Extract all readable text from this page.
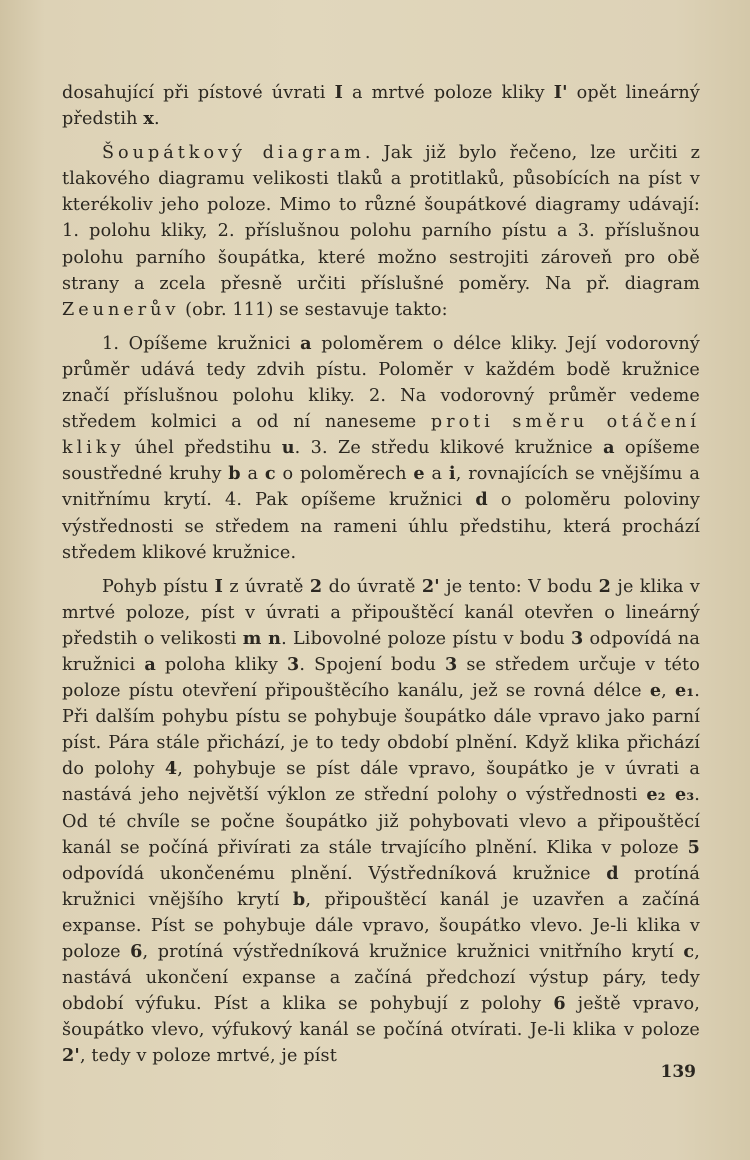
dosahující při pístové úvrati I a mrtvé poloze kliky I' opět lineárný předstih x.

Šoupátkový diagram. Jak již bylo řečeno, lze určiti z tlakového diagramu velikosti tlaků a protitlaků, působících na píst v kterékoliv jeho poloze. Mimo to různé šoupátkové diagramy udávají: 1. polohu kliky, 2. příslušnou polohu parního pístu a 3. příslušnou polohu parního šoupátka, které možno sestrojiti zároveň pro obě strany a zcela přesně určiti příslušné poměry. Na př. diagram Zeunerův (obr. 111) se sestavuje takto:

1. Opíšeme kružnici a poloměrem o délce kliky. Její vodorovný průměr udává tedy zdvih pístu. Poloměr v každém bodě kružnice značí příslušnou polohu kliky. 2. Na vodorovný průměr vedeme středem kolmici a od ní naneseme proti směru otáčení kliky úhel předstihu u. 3. Ze středu klikové kružnice a opíšeme soustředné kruhy b a c o poloměrech e a i, rovnajících se vnějšímu a vnitřnímu krytí. 4. Pak opíšeme kružnici d o poloměru poloviny výstřednosti se středem na rameni úhlu předstihu, která prochází středem klikové kružnice.

Pohyb pístu I z úvratě 2 do úvratě 2' je tento: V bodu 2 je klika v mrtvé poloze, píst v úvrati a připouštěcí kanál otevřen o lineárný předstih o velikosti m n. Libovolné poloze pístu v bodu 3 odpovídá na kružnici a poloha kliky 3. Spojení bodu 3 se středem určuje v této poloze pístu otevření připouštěcího kanálu, jež se rovná délce e, e₁. Při dalším pohybu pístu se pohybuje šoupátko dále vpravo jako parní píst. Pára stále přichází, je to tedy období plnění. Když klika přichází do polohy 4, pohybuje se píst dále vpravo, šoupátko je v úvrati a nastává jeho největší výklon ze střední polohy o výstřednosti e₂ e₃. Od té chvíle se počne šoupátko již pohybovati vlevo a připouštěcí kanál se počíná přivírati za stále trvajícího plnění. Klika v poloze 5 odpovídá ukončenému plnění. Výstředníková kružnice d protíná kružnici vnějšího krytí b, připouštěcí kanál je uzavřen a začíná expanse. Píst se pohybuje dále vpravo, šoupátko vlevo. Je-li klika v poloze 6, protíná výstředníková kružnice kružnici vnitřního krytí c, nastává ukončení expanse a začíná předchozí výstup páry, tedy období výfuku. Píst a klika se pohybují z polohy 6 ještě vpravo, šoupátko vlevo, výfukový kanál se počíná otvírati. Je-li klika v poloze 2', tedy v poloze mrtvé, je píst

139
